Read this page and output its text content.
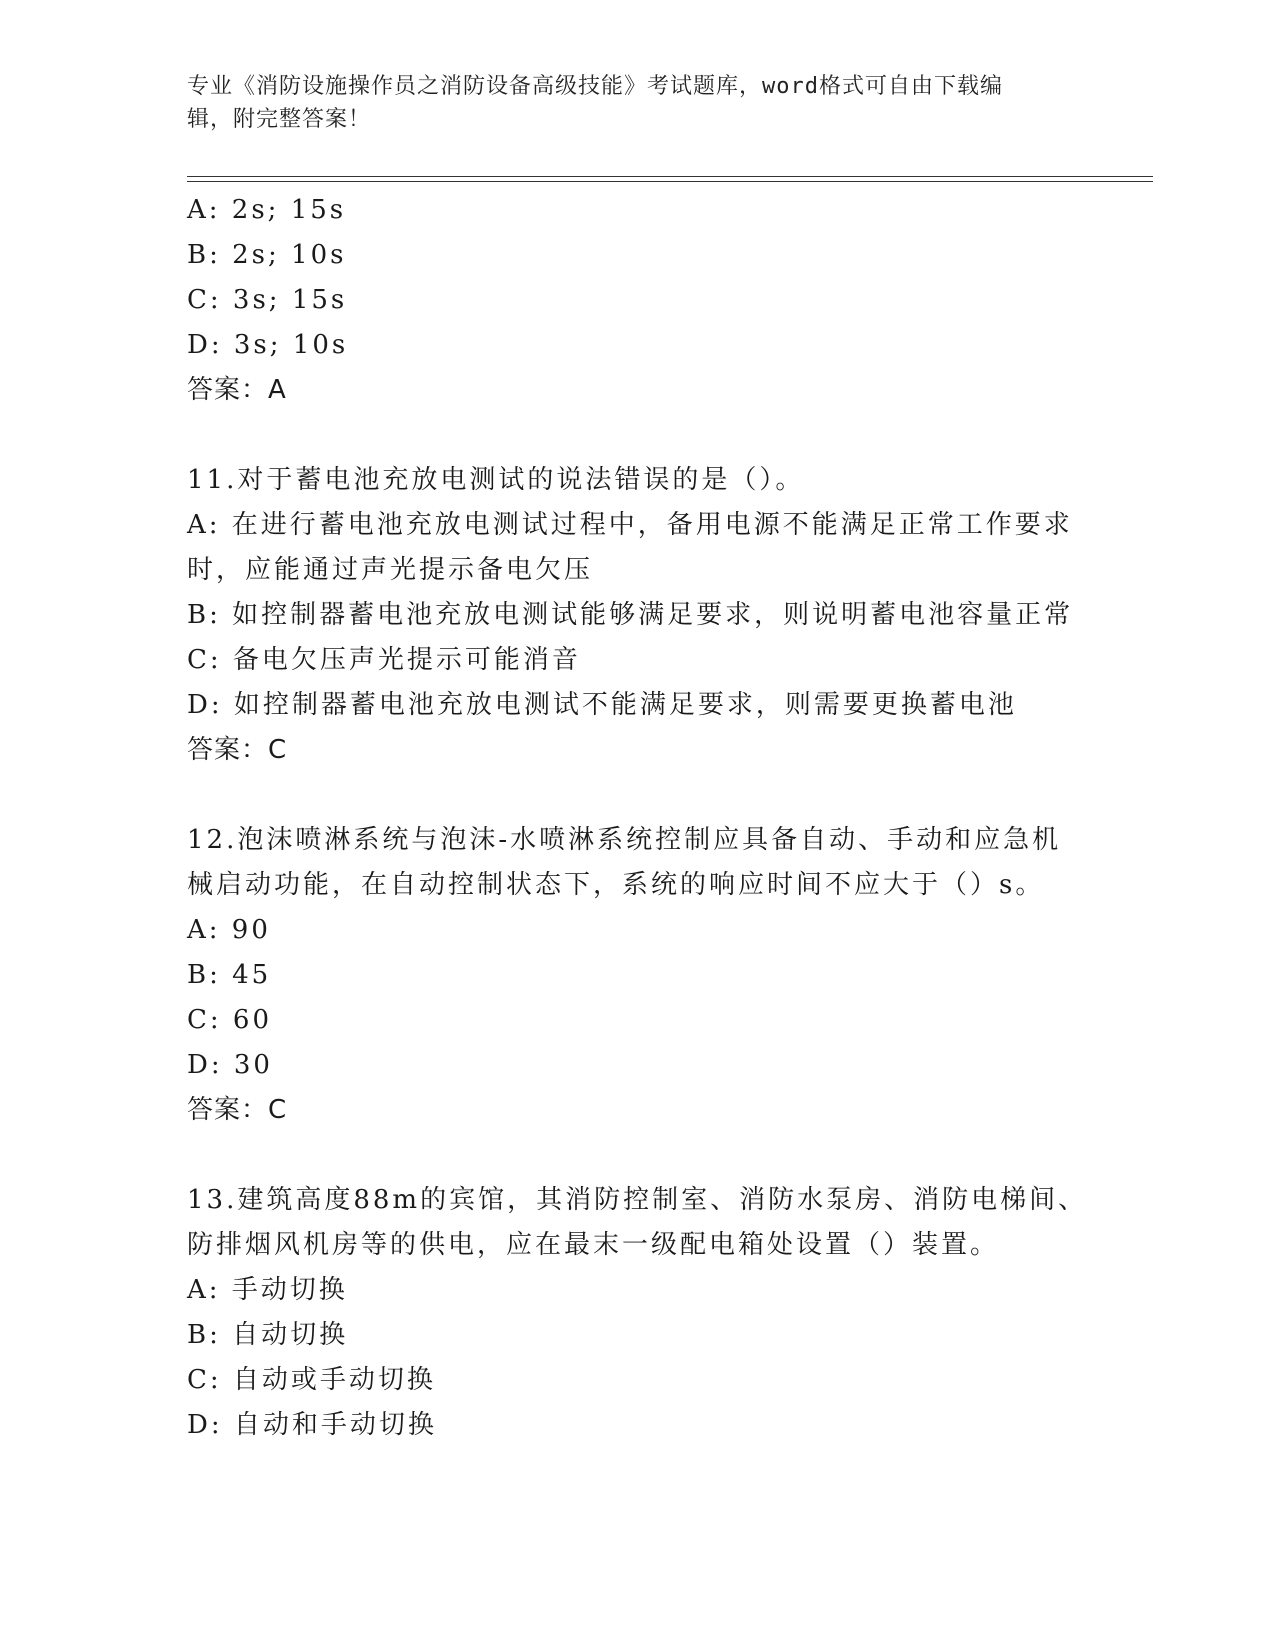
专业《消防设施操作员之消防设备高级技能》考试题库，word格式可自由下载编
辑，附完整答案！
A: 2s; 15s
B: 2s; 10s
C: 3s; 15s
D: 3s; 10s
答案：A
11.对于蓄电池充放电测试的说法错误的是（）。
A: 在进行蓄电池充放电测试过程中，备用电源不能满足正常工作要求
时，应能通过声光提示备电欠压
B: 如控制器蓄电池充放电测试能够满足要求，则说明蓄电池容量正常
C: 备电欠压声光提示可能消音
D: 如控制器蓄电池充放电测试不能满足要求，则需要更换蓄电池
答案：C
12.泡沫喷淋系统与泡沫-水喷淋系统控制应具备自动、手动和应急机
械启动功能，在自动控制状态下，系统的响应时间不应大于（）s。
A: 90
B: 45
C: 60
D: 30
答案：C
13.建筑高度88m的宾馆，其消防控制室、消防水泵房、消防电梯间、
防排烟风机房等的供电，应在最末一级配电箱处设置（）装置。
A: 手动切换
B: 自动切换
C: 自动或手动切换
D: 自动和手动切换
